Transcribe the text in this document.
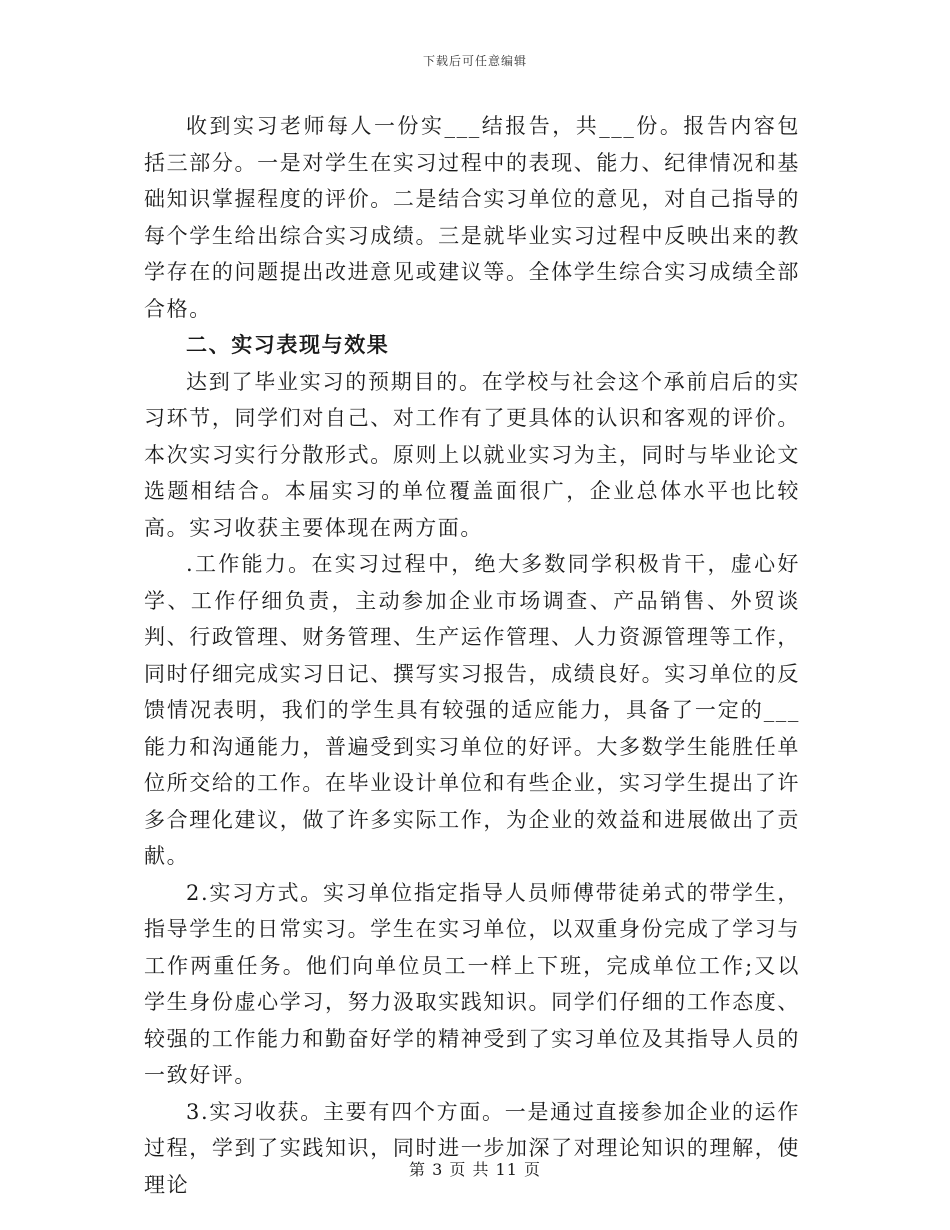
下载后可任意编辑

收到实习老师每人一份实___结报告，共___份。报告内容包括三部分。一是对学生在实习过程中的表现、能力、纪律情况和基础知识掌握程度的评价。二是结合实习单位的意见，对自己指导的每个学生给出综合实习成绩。三是就毕业实习过程中反映出来的教学存在的问题提出改进意见或建议等。全体学生综合实习成绩全部合格。

二、实习表现与效果

达到了毕业实习的预期目的。在学校与社会这个承前启后的实习环节，同学们对自己、对工作有了更具体的认识和客观的评价。本次实习实行分散形式。原则上以就业实习为主，同时与毕业论文选题相结合。本届实习的单位覆盖面很广，企业总体水平也比较高。实习收获主要体现在两方面。

.工作能力。在实习过程中，绝大多数同学积极肯干，虚心好学、工作仔细负责，主动参加企业市场调查、产品销售、外贸谈判、行政管理、财务管理、生产运作管理、人力资源管理等工作，同时仔细完成实习日记、撰写实习报告，成绩良好。实习单位的反馈情况表明，我们的学生具有较强的适应能力，具备了一定的___能力和沟通能力，普遍受到实习单位的好评。大多数学生能胜任单位所交给的工作。在毕业设计单位和有些企业，实习学生提出了许多合理化建议，做了许多实际工作，为企业的效益和进展做出了贡献。

2.实习方式。实习单位指定指导人员师傅带徒弟式的带学生，指导学生的日常实习。学生在实习单位，以双重身份完成了学习与工作两重任务。他们向单位员工一样上下班，完成单位工作;又以学生身份虚心学习，努力汲取实践知识。同学们仔细的工作态度、较强的工作能力和勤奋好学的精神受到了实习单位及其指导人员的一致好评。

3.实习收获。主要有四个方面。一是通过直接参加企业的运作过程，学到了实践知识，同时进一步加深了对理论知识的理解，使理论

第 3 页 共 11 页
